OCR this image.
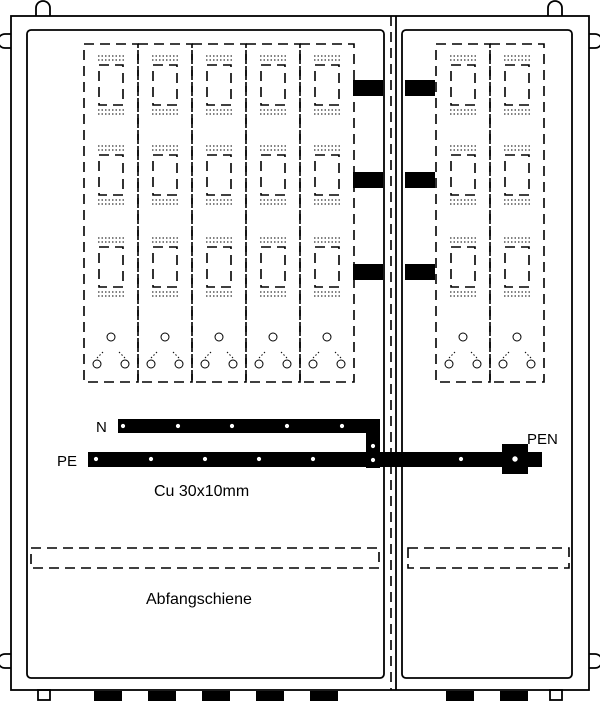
N
PE
PEN
Cu 30x10mm
Abfangschiene
